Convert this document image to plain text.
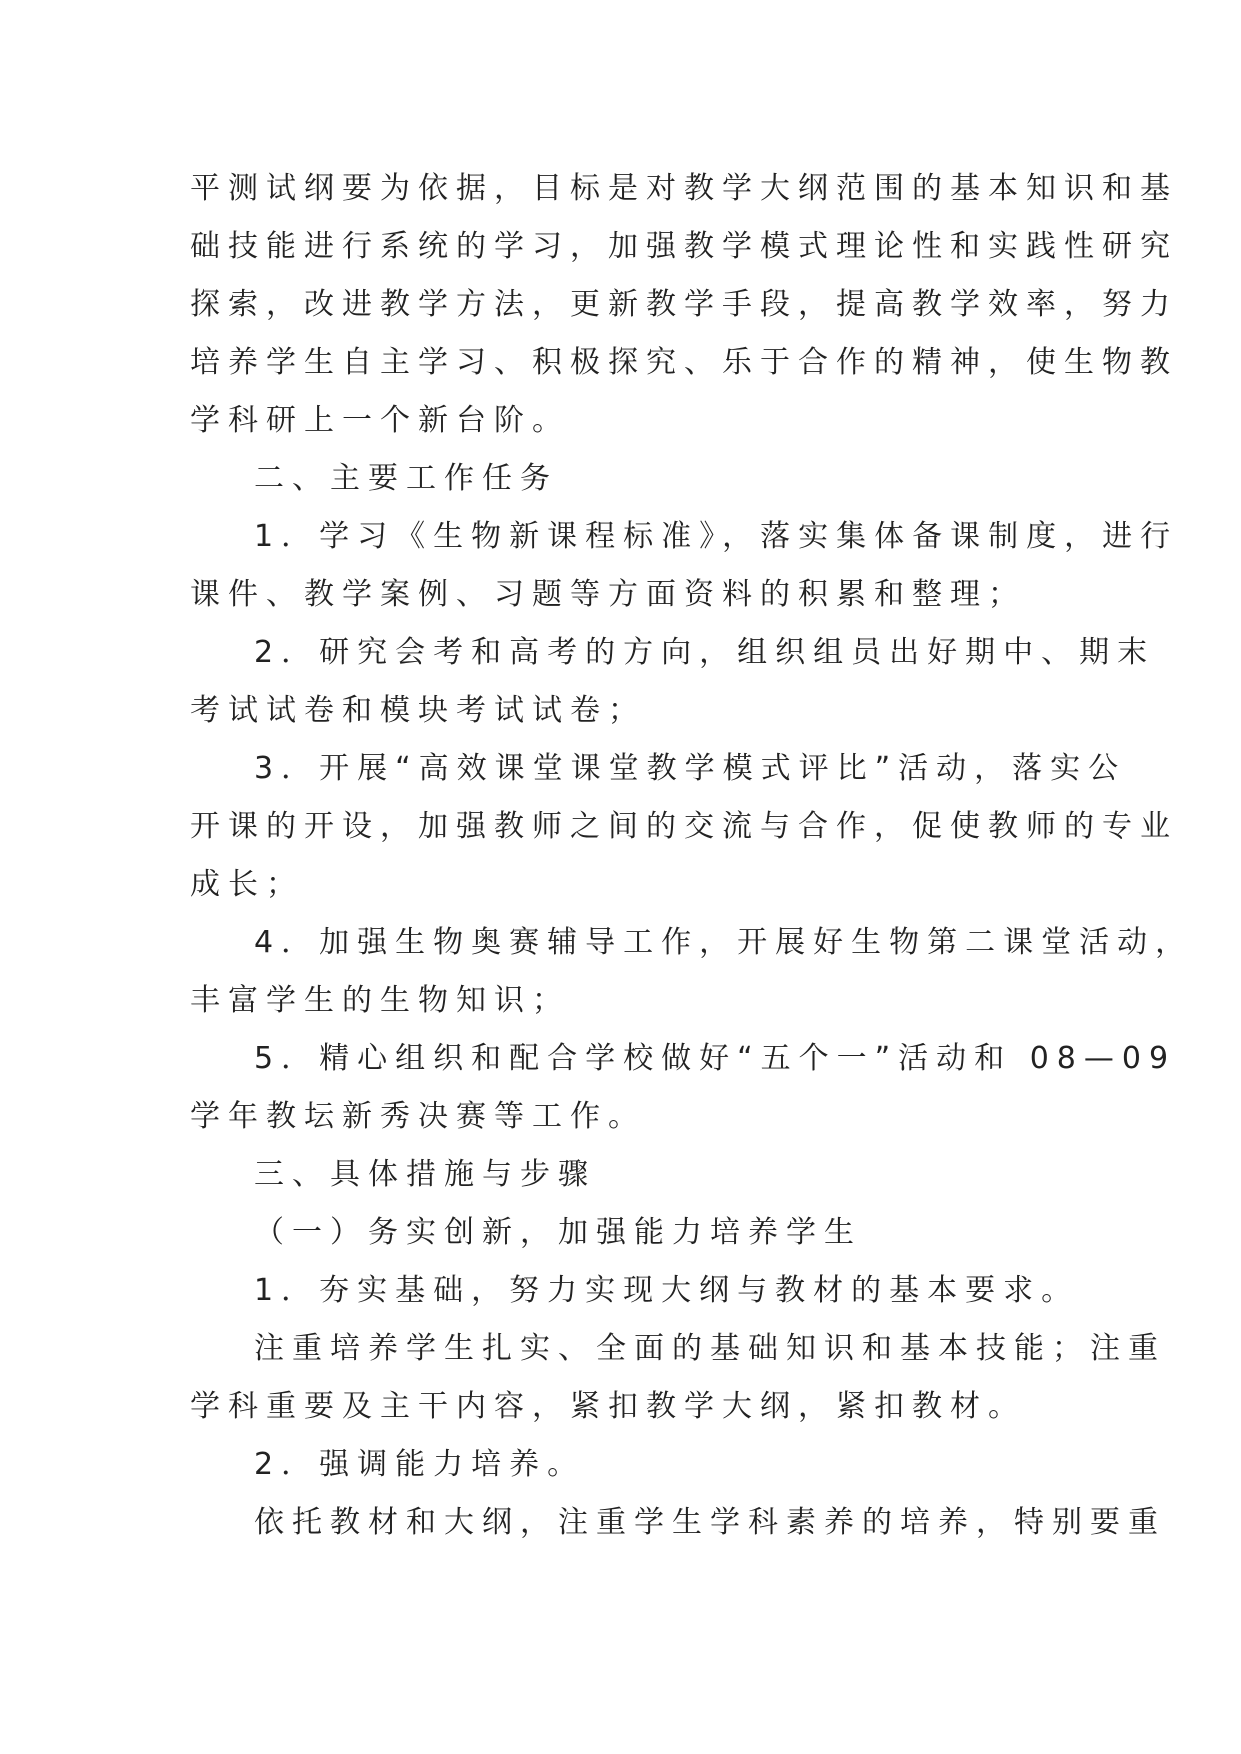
平测试纲要为依据，目标是对教学大纲范围的基本知识和基
础技能进行系统的学习，加强教学模式理论性和实践性研究
探索，改进教学方法，更新教学手段，提高教学效率，努力
培养学生自主学习、积极探究、乐于合作的精神，使生物教
学科研上一个新台阶。
二、主要工作任务
1．学习《生物新课程标准》，落实集体备课制度，进行
课件、教学案例、习题等方面资料的积累和整理；
2．研究会考和高考的方向，组织组员出好期中、期末
考试试卷和模块考试试卷；
3．开展“高效课堂课堂教学模式评比”活动，落实公
开课的开设，加强教师之间的交流与合作，促使教师的专业
成长；
4．加强生物奥赛辅导工作，开展好生物第二课堂活动，
丰富学生的生物知识；
5．精心组织和配合学校做好“五个一”活动和 08—09
学年教坛新秀决赛等工作。
三、具体措施与步骤
（一）务实创新，加强能力培养学生
1．夯实基础，努力实现大纲与教材的基本要求。
注重培养学生扎实、全面的基础知识和基本技能；注重
学科重要及主干内容，紧扣教学大纲，紧扣教材。
2．强调能力培养。
依托教材和大纲，注重学生学科素养的培养，特别要重
